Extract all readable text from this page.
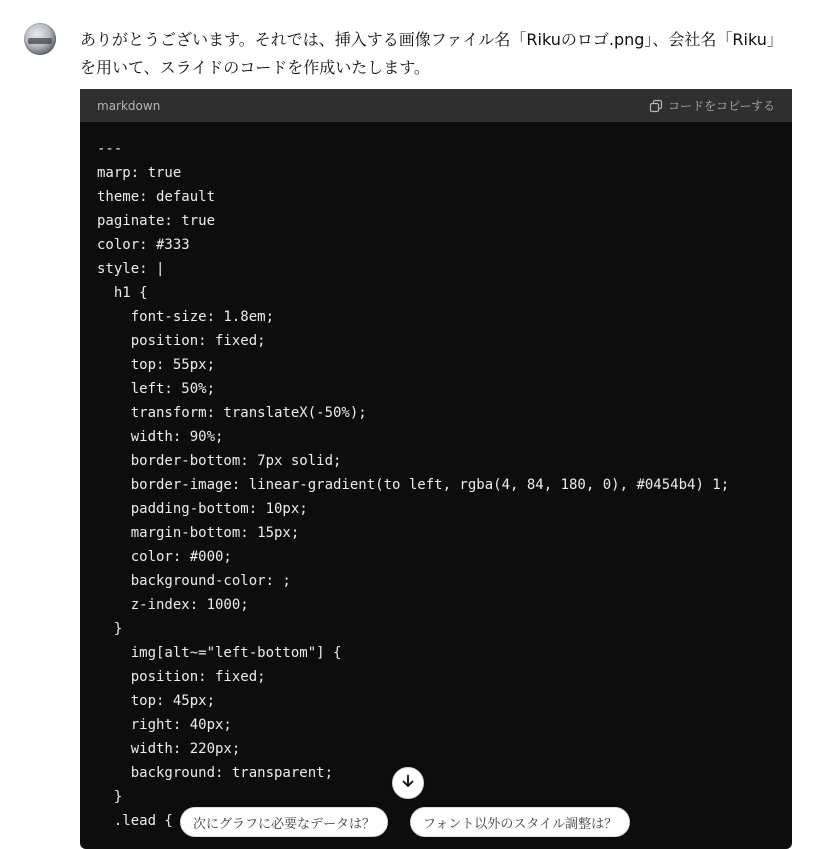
ありがとうございます。それでは、挿入する画像ファイル名「Rikuのロゴ.png」、会社名「Riku」を用いて、スライドのコードを作成いたします。

markdown	コードをコピーする
---
marp: true
theme: default
paginate: true
color: #333
style: |
h1 {
font-size: 1.8em;
position: fixed;
top: 55px;
left: 50%;
transform: translateX(-50%);
width: 90%;
border-bottom: 7px solid;
border-image: linear-gradient(to left, rgba(4, 84, 180, 0), #0454b4) 1;
padding-bottom: 10px;
margin-bottom: 15px;
color: #000;
background-color: ;
z-index: 1000;
}
img[alt~="left-bottom"] {
position: fixed;
top: 45px;
right: 40px;
width: 220px;
background: transparent;
}
.lead {	次にグラフに必要なデータは？	フォント以外のスタイル調整は？
